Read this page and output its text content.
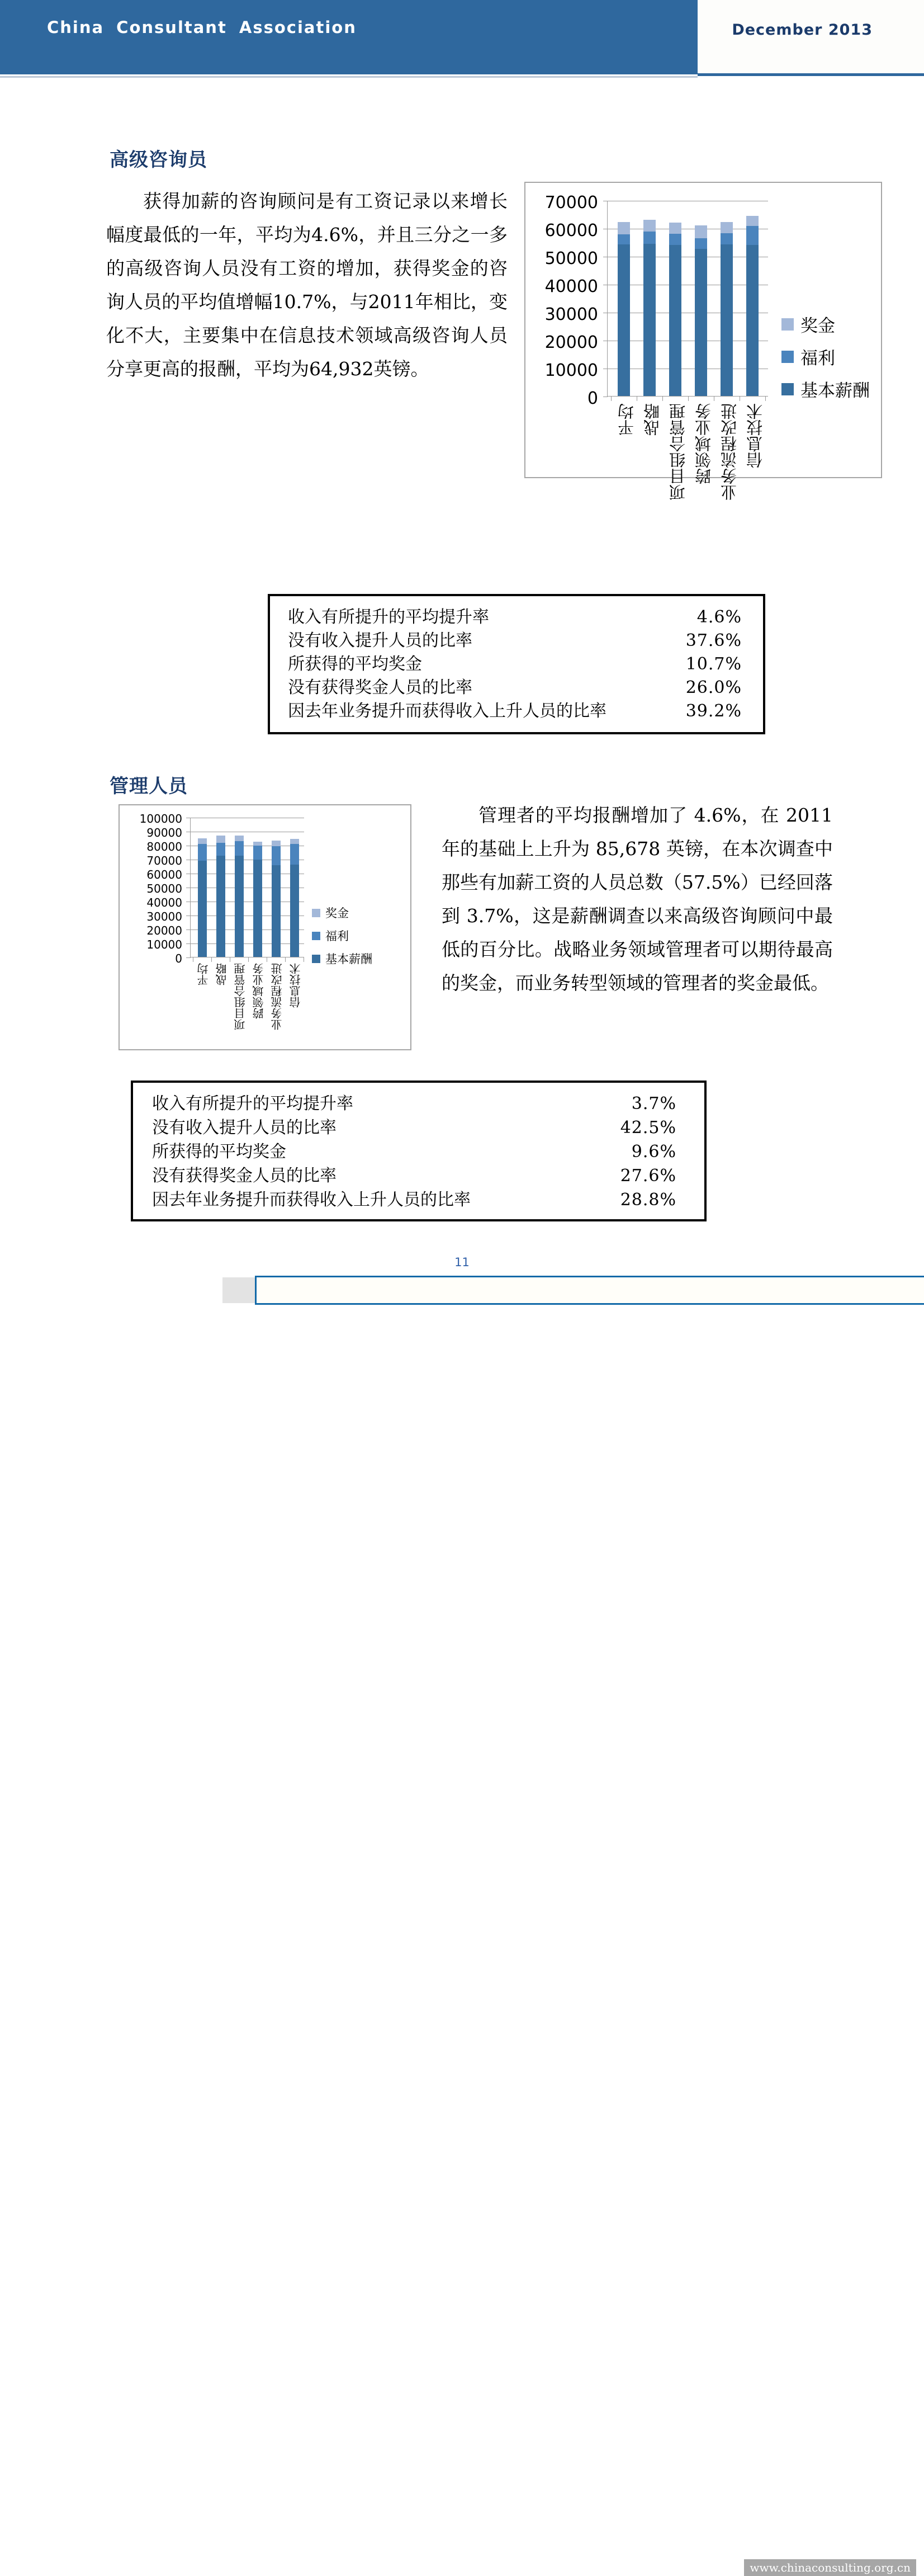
China Consultant Association	December 2013
高级咨询员
获得加薪的咨询顾问是有工资记录以来增长幅度最低的一年，平均为4.6%，并且三分之一多的高级咨询人员没有工资的增加，获得奖金的咨询人员的平均值增幅10.7%，与2011年相比，变化不大，主要集中在信息技术领域高级咨询人员分享更高的报酬，平均为64,932英镑。
70000
60000
50000
40000
30000
20000
10000
0
平均 战略 项目组合管理 跨领域业务 业务流程改进 信息技术
奖金
福利
基本薪酬
收入有所提升的平均提升率	4.6%
没有收入提升人员的比率	37.6%
所获得的平均奖金	10.7%
没有获得奖金人员的比率	26.0%
因去年业务提升而获得收入上升人员的比率	39.2%
管理人员
管理者的平均报酬增加了 4.6%，在 2011 年的基础上上升为 85,678 英镑，在本次调查中那些有加薪工资的人员总数（57.5%）已经回落到 3.7%，这是薪酬调查以来高级咨询顾问中最低的百分比。战略业务领域管理者可以期待最高的奖金，而业务转型领域的管理者的奖金最低。
100000
90000
80000
70000
60000
50000
40000
30000
20000
10000
0
平均 战略 项目组合管理 跨领域业务 业务流程改进 信息技术
奖金
福利
基本薪酬
收入有所提升的平均提升率	3.7%
没有收入提升人员的比率	42.5%
所获得的平均奖金	9.6%
没有获得奖金人员的比率	27.6%
因去年业务提升而获得收入上升人员的比率	28.8%
11
www.chinaconsulting.org.cn
